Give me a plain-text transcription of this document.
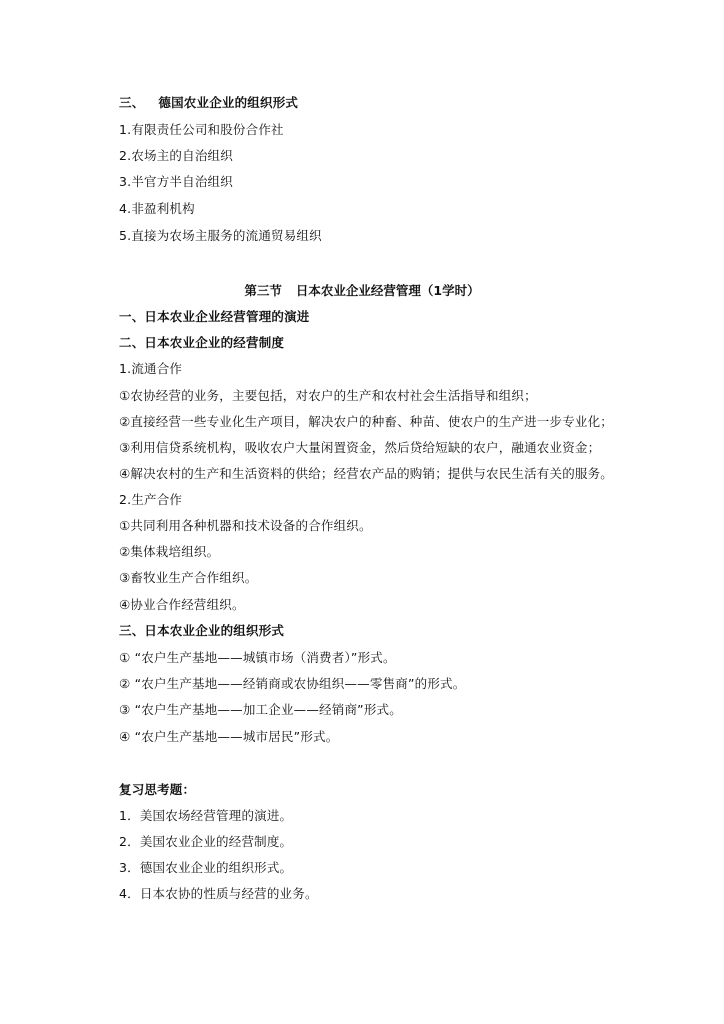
三、 德国农业企业的组织形式
1.有限责任公司和股份合作社
2.农场主的自治组织
3.半官方半自治组织
4.非盈利机构
5.直接为农场主服务的流通贸易组织
第三节 日本农业企业经营管理（1学时）
一、日本农业企业经营管理的演进
二、日本农业企业的经营制度
1.流通合作
①农协经营的业务，主要包括，对农户的生产和农村社会生活指导和组织；
②直接经营一些专业化生产项目，解决农户的种畜、种苗、使农户的生产进一步专业化；
③利用信贷系统机构，吸收农户大量闲置资金，然后贷给短缺的农户，融通农业资金；
④解决农村的生产和生活资料的供给；经营农产品的购销；提供与农民生活有关的服务。
2.生产合作
①共同利用各种机器和技术设备的合作组织。
②集体栽培组织。
③畜牧业生产合作组织。
④协业合作经营组织。
三、日本农业企业的组织形式
① “农户生产基地——城镇市场（消费者）”形式。
② “农户生产基地——经销商或农协组织——零售商”的形式。
③ “农户生产基地——加工企业——经销商”形式。
④ “农户生产基地——城市居民”形式。
复习思考题：
1．美国农场经营管理的演进。
2．美国农业企业的经营制度。
3．德国农业企业的组织形式。
4．日本农协的性质与经营的业务。
